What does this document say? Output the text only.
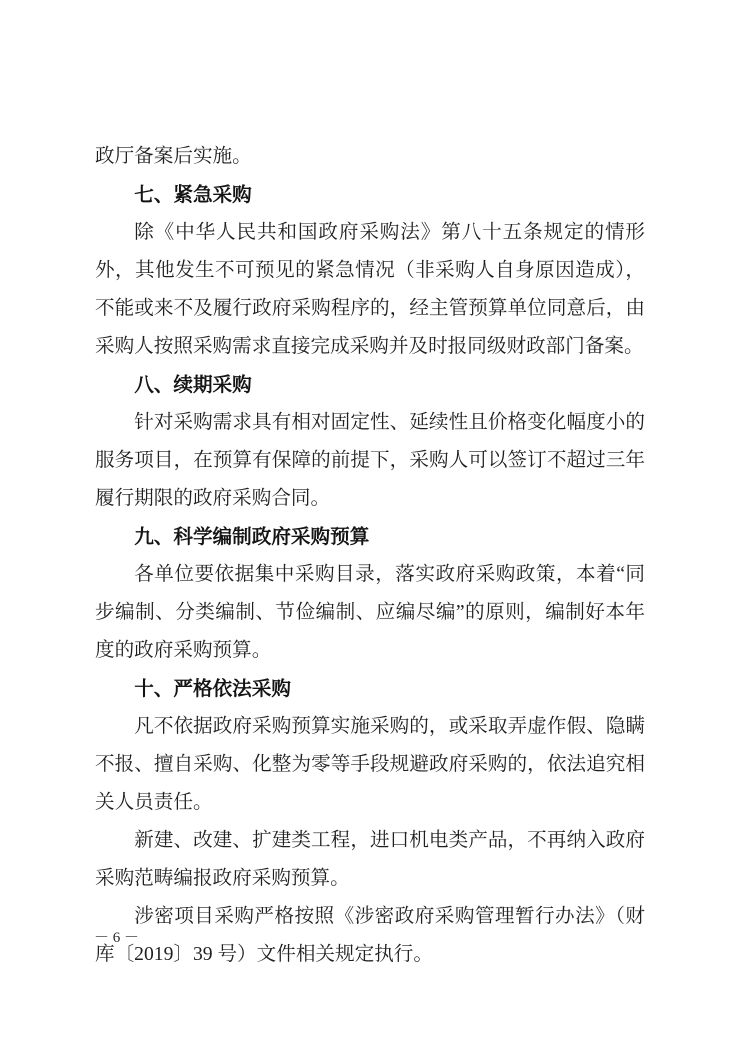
政厅备案后实施。

七、紧急采购

除《中华人民共和国政府采购法》第八十五条规定的情形外，其他发生不可预见的紧急情况（非采购人自身原因造成），不能或来不及履行政府采购程序的，经主管预算单位同意后，由采购人按照采购需求直接完成采购并及时报同级财政部门备案。

八、续期采购

针对采购需求具有相对固定性、延续性且价格变化幅度小的服务项目，在预算有保障的前提下，采购人可以签订不超过三年履行期限的政府采购合同。

九、科学编制政府采购预算

各单位要依据集中采购目录，落实政府采购政策，本着“同步编制、分类编制、节俭编制、应编尽编”的原则，编制好本年度的政府采购预算。

十、严格依法采购

凡不依据政府采购预算实施采购的，或采取弄虚作假、隐瞒不报、擅自采购、化整为零等手段规避政府采购的，依法追究相关人员责任。

新建、改建、扩建类工程，进口机电类产品，不再纳入政府采购范畴编报政府采购预算。

涉密项目采购严格按照《涉密政府采购管理暂行办法》（财库〔2019〕39 号）文件相关规定执行。

－ 6 －
